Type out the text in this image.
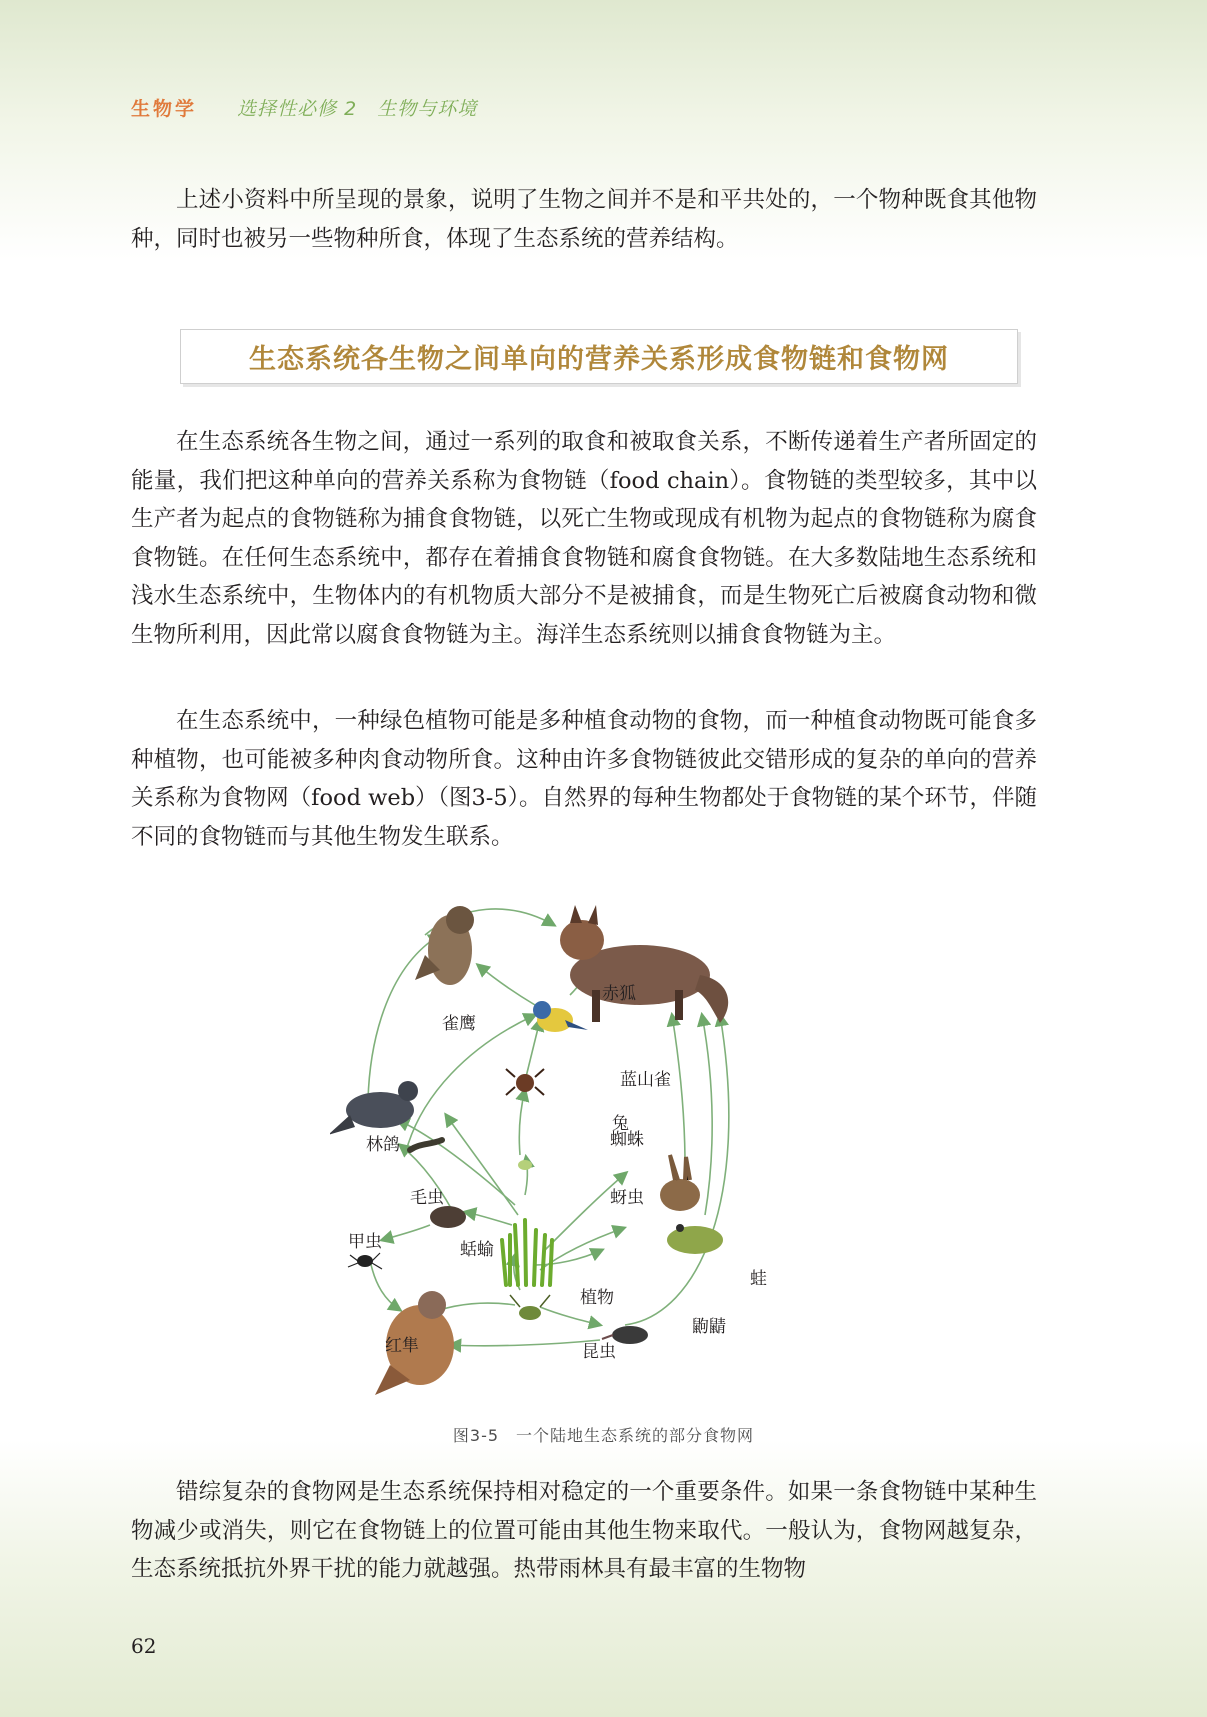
生物学 选择性必修 2　生物与环境

上述小资料中所呈现的景象，说明了生物之间并不是和平共处的，一个物种既食其他物种，同时也被另一些物种所食，体现了生态系统的营养结构。

生态系统各生物之间单向的营养关系形成食物链和食物网

在生态系统各生物之间，通过一系列的取食和被取食关系，不断传递着生产者所固定的能量，我们把这种单向的营养关系称为食物链（food chain）。食物链的类型较多，其中以生产者为起点的食物链称为捕食食物链，以死亡生物或现成有机物为起点的食物链称为腐食食物链。在任何生态系统中，都存在着捕食食物链和腐食食物链。在大多数陆地生态系统和浅水生态系统中，生物体内的有机物质大部分不是被捕食，而是生物死亡后被腐食动物和微生物所利用，因此常以腐食食物链为主。海洋生态系统则以捕食食物链为主。

在生态系统中，一种绿色植物可能是多种植食动物的食物，而一种植食动物既可能食多种植物，也可能被多种肉食动物所食。这种由许多食物链彼此交错形成的复杂的单向的营养关系称为食物网（food web）（图3-5）。自然界的每种生物都处于食物链的某个环节，伴随不同的食物链而与其他生物发生联系。

赤狐
雀鹰
蓝山雀
林鸽
兔
蜘蛛
毛虫	蚜虫
甲虫	蛞蝓
蛙
植物
鼩鼱
红隼	昆虫
图3-5　一个陆地生态系统的部分食物网

错综复杂的食物网是生态系统保持相对稳定的一个重要条件。如果一条食物链中某种生物减少或消失，则它在食物链上的位置可能由其他生物来取代。一般认为，食物网越复杂，生态系统抵抗外界干扰的能力就越强。热带雨林具有最丰富的生物物

62
